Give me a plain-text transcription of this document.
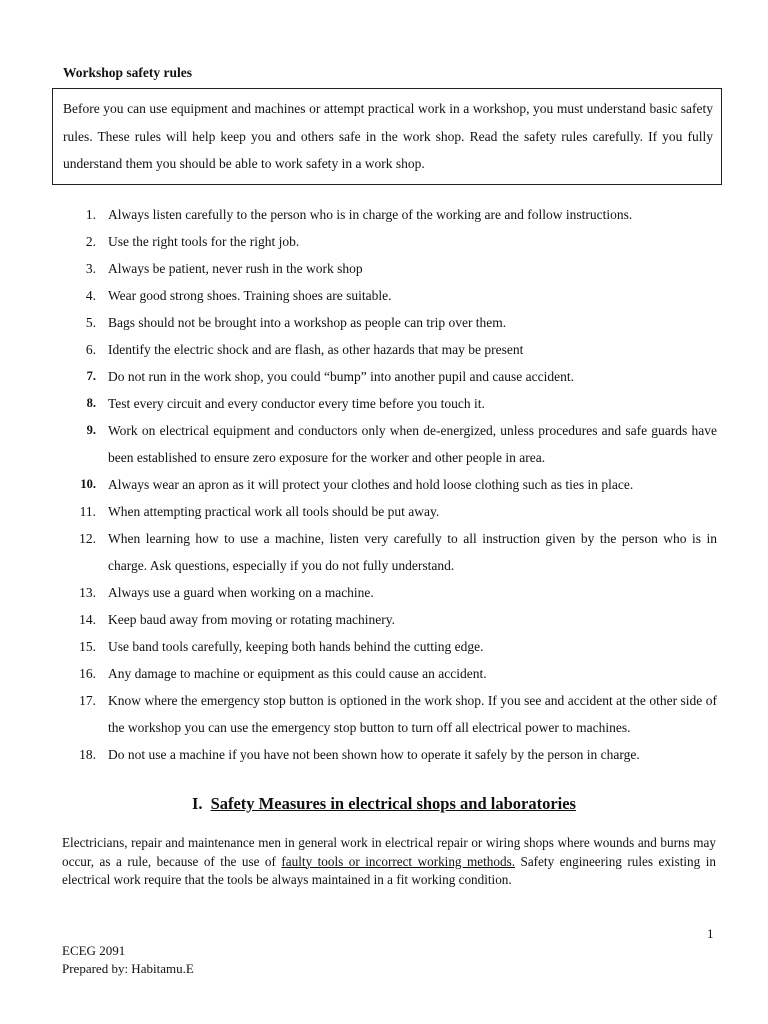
Workshop safety rules
Before you can use equipment and machines or attempt practical work in a workshop, you must understand basic safety rules. These rules will help keep you and others safe in the work shop. Read the safety rules carefully. If you fully understand them you should be able to work safety in a work shop.
1. Always listen carefully to the person who is in charge of the working are and follow instructions.
2. Use the right tools for the right job.
3. Always be patient, never rush in the work shop
4. Wear good strong shoes. Training shoes are suitable.
5. Bags should not be brought into a workshop as people can trip over them.
6. Identify the electric shock and are flash, as other hazards that may be present
7. Do not run in the work shop, you could “bump” into another pupil and cause accident.
8. Test every circuit and every conductor every time before you touch it.
9. Work on electrical equipment and conductors only when de-energized, unless procedures and safe guards have been established to ensure zero exposure for the worker and other people in area.
10. Always wear an apron as it will protect your clothes and hold loose clothing such as ties in place.
11. When attempting practical work all tools should be put away.
12. When learning how to use a machine, listen very carefully to all instruction given by the person who is in charge. Ask questions, especially if you do not fully understand.
13. Always use a guard when working on a machine.
14. Keep baud away from moving or rotating machinery.
15. Use band tools carefully, keeping both hands behind the cutting edge.
16. Any damage to machine or equipment as this could cause an accident.
17. Know where the emergency stop button is optioned in the work shop. If you see and accident at the other side of the workshop you can use the emergency stop button to turn off all electrical power to machines.
18. Do not use a machine if you have not been shown how to operate it safely by the person in charge.
I. Safety Measures in electrical shops and laboratories

Electricians, repair and maintenance men in general work in electrical repair or wiring shops where wounds and burns may occur, as a rule, because of the use of faulty tools or incorrect working methods. Safety engineering rules existing in electrical work require that the tools be always maintained in a fit working condition.

1
ECEG 2091
Prepared by: Habitamu.E
